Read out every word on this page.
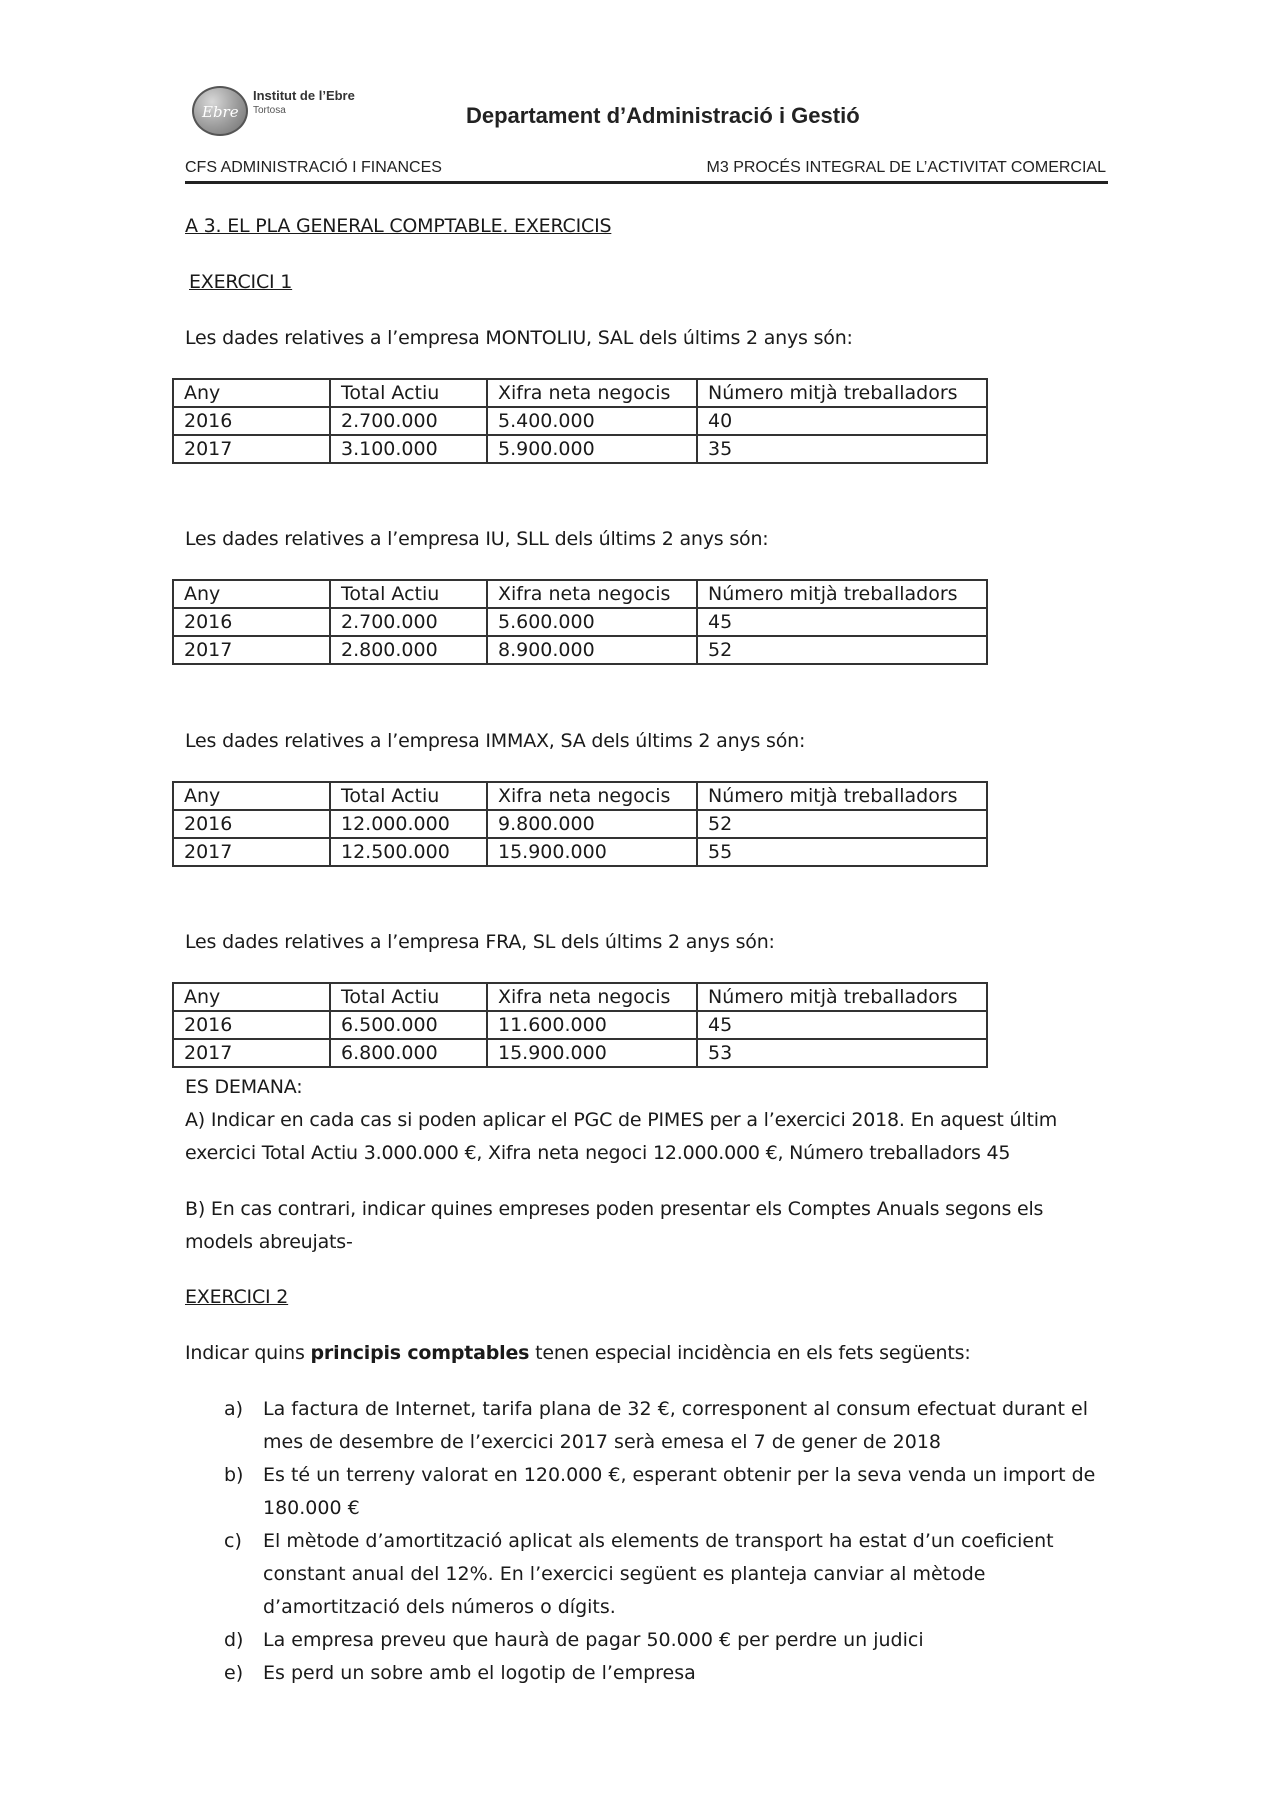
Ebre
Institut de l’Ebre
Tortosa	Departament d’Administració i Gestió
CFS ADMINISTRACIÓ I FINANCES	M3 PROCÉS INTEGRAL DE L’ACTIVITAT COMERCIAL
A 3. EL PLA GENERAL COMPTABLE. EXERCICIS
EXERCICI 1
Les dades relatives a l’empresa MONTOLIU, SAL dels últims 2 anys són:
Any	Total Actiu	Xifra neta negocis	Número mitjà treballadors
2016	2.700.000	5.400.000	40
2017	3.100.000	5.900.000	35
Les dades relatives a l’empresa IU, SLL dels últims 2 anys són:
Any	Total Actiu	Xifra neta negocis	Número mitjà treballadors
2016	2.700.000	5.600.000	45
2017	2.800.000	8.900.000	52
Les dades relatives a l’empresa IMMAX, SA dels últims 2 anys són:
Any	Total Actiu	Xifra neta negocis	Número mitjà treballadors
2016	12.000.000	9.800.000	52
2017	12.500.000	15.900.000	55
Les dades relatives a l’empresa FRA, SL dels últims 2 anys són:
Any	Total Actiu	Xifra neta negocis	Número mitjà treballadors
2016	6.500.000	11.600.000	45
2017	6.800.000	15.900.000	53
ES DEMANA:
A) Indicar en cada cas si poden aplicar el PGC de PIMES per a l’exercici 2018. En aquest últim
exercici Total Actiu 3.000.000 €, Xifra neta negoci 12.000.000 €, Número treballadors 45
B) En cas contrari, indicar quines empreses poden presentar els Comptes Anuals segons els
models abreujats-
EXERCICI 2
Indicar quins principis comptables tenen especial incidència en els fets següents:
a) La factura de Internet, tarifa plana de 32 €, corresponent al consum efectuat durant el
mes de desembre de l’exercici 2017 serà emesa el 7 de gener de 2018
b) Es té un terreny valorat en 120.000 €, esperant obtenir per la seva venda un import de
180.000 €
c) El mètode d’amortització aplicat als elements de transport ha estat d’un coeficient
constant anual del 12%. En l’exercici següent es planteja canviar al mètode
d’amortització dels números o dígits.
d) La empresa preveu que haurà de pagar 50.000 € per perdre un judici
e) Es perd un sobre amb el logotip de l’empresa
